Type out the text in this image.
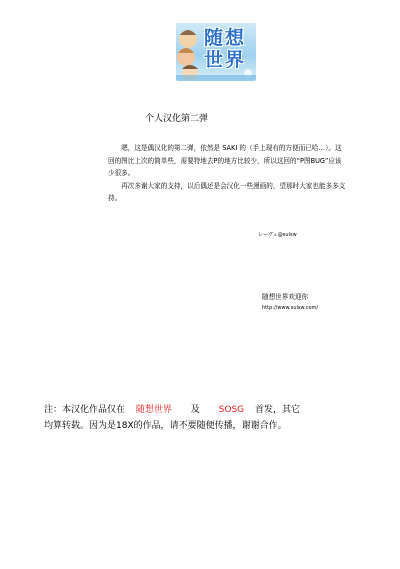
随想世界
个人汉化第二弹

嗯，这是偶汉化的第二弹，依然是 SAKI 的（手上现有的方便而已哈…）。这回的图比上次的简单些，需要特地去P的地方比较少，所以这回的“P图BUG”应该少很多。

再次多谢大家的支持，以后偶还是会汉化一些漫画的，望那时大家也能多多支持。

レーヴェ@suisw
随想世界欢迎你
http://www.suisw.com/
注：本汉化作品仅在 随想世界 及 SOSG 首发，其它
均算转载。因为是18X的作品，请不要随便传播，谢谢合作。
